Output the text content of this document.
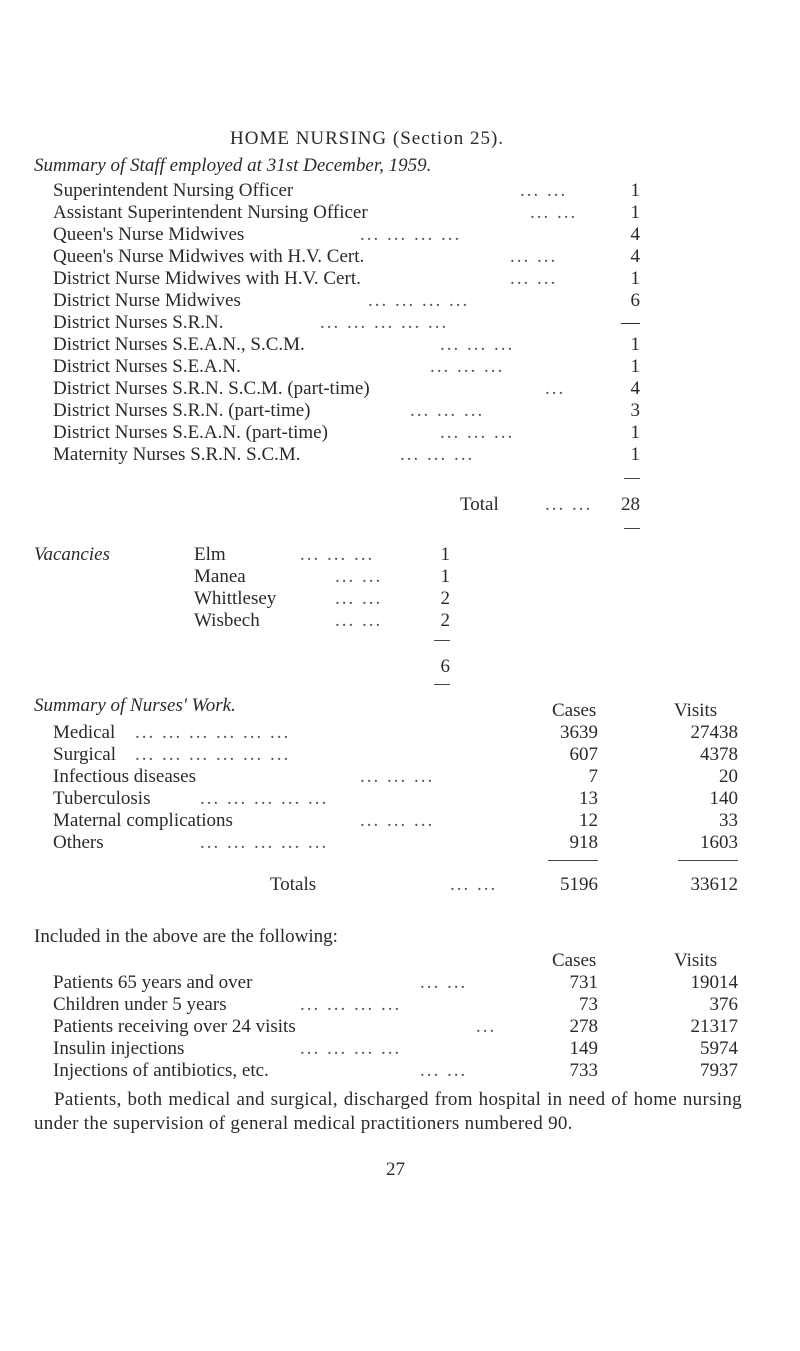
HOME NURSING (Section 25).
Summary of Staff employed at 31st December, 1959.
Superintendent Nursing Officer	... ...	1
Assistant Superintendent Nursing Officer	... ...	1
Queen's Nurse Midwives	... ... ... ...	4
Queen's Nurse Midwives with H.V. Cert.	... ...	4
District Nurse Midwives with H.V. Cert.	... ...	1
District Nurse Midwives	... ... ... ...	6
District Nurses S.R.N.	... ... ... ... ...	—
District Nurses S.E.A.N., S.C.M.	... ... ...	1
District Nurses S.E.A.N.	... ... ...	1
District Nurses S.R.N. S.C.M. (part-time)	...	4
District Nurses S.R.N. (part-time)	... ... ...	3
District Nurses S.E.A.N. (part-time)	... ... ...	1
Maternity Nurses S.R.N. S.C.M.	... ... ...	1
Total ... ...	28
Vacancies	Elm	... ... ...	1
Manea	... ...	1
Whittlesey	... ...	2
Wisbech	... ...	2
6
Summary of Nurses' Work.	Cases	Visits
Medical ... ... ... ... ... ...	3639	27438
Surgical ... ... ... ... ... ...	607	4378
Infectious diseases	... ... ...	7	20
Tuberculosis	... ... ... ... ...	13	140
Maternal complications	... ... ...	12	33
Others	... ... ... ... ...	918	1603
Totals	... ...	5196	33612
Included in the above are the following:
Cases	Visits
Patients 65 years and over	... ...	731	19014
Children under 5 years	... ... ... ...	73	376
Patients receiving over 24 visits	...	278	21317
Insulin injections	... ... ... ...	149	5974
Injections of antibiotics, etc.	... ...	733	7937
Patients, both medical and surgical, discharged from hospital in need of home nursing under the supervision of general medical practitioners numbered 90.
27
